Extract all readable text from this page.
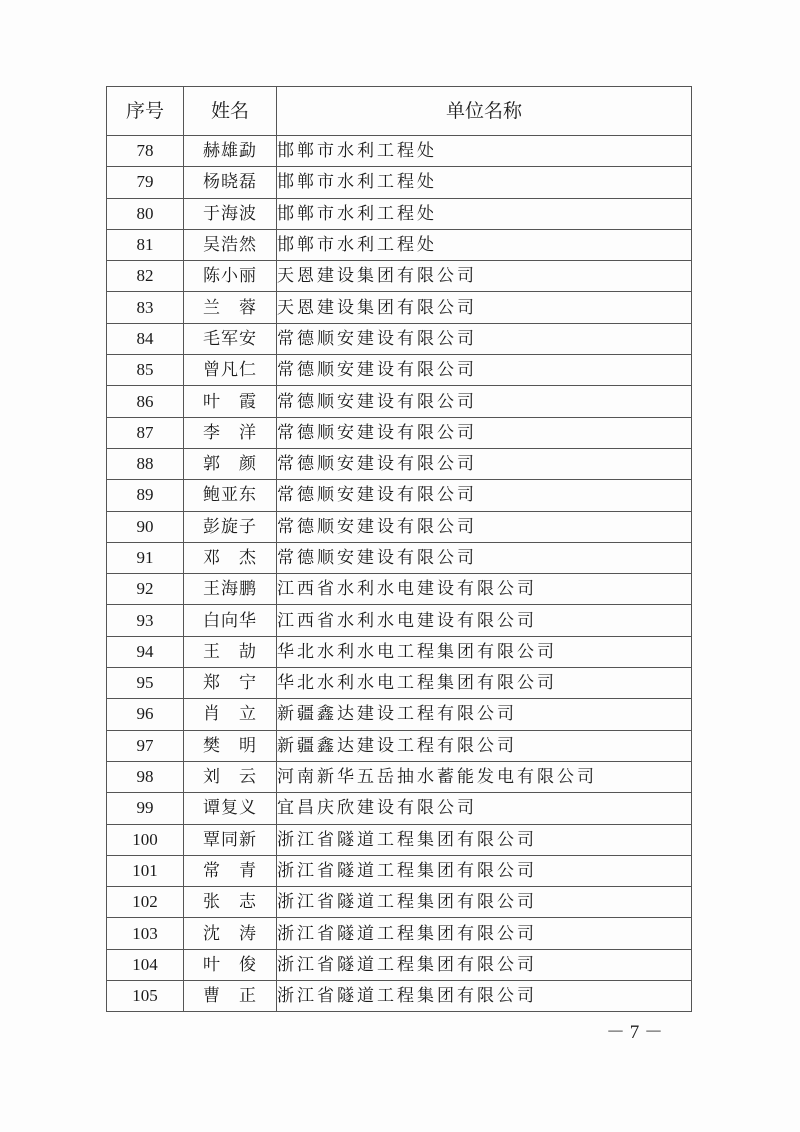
序号	姓名	单位名称
78	赫雄勐	邯郸市水利工程处
79	杨晓磊	邯郸市水利工程处
80	于海波	邯郸市水利工程处
81	吴浩然	邯郸市水利工程处
82	陈小丽	天恩建设集团有限公司
83	兰　蓉	天恩建设集团有限公司
84	毛军安	常德顺安建设有限公司
85	曾凡仁	常德顺安建设有限公司
86	叶　霞	常德顺安建设有限公司
87	李　洋	常德顺安建设有限公司
88	郭　颜	常德顺安建设有限公司
89	鲍亚东	常德顺安建设有限公司
90	彭旋子	常德顺安建设有限公司
91	邓　杰	常德顺安建设有限公司
92	王海鹏	江西省水利水电建设有限公司
93	白向华	江西省水利水电建设有限公司
94	王　劼	华北水利水电工程集团有限公司
95	郑　宁	华北水利水电工程集团有限公司
96	肖　立	新疆鑫达建设工程有限公司
97	樊　明	新疆鑫达建设工程有限公司
98	刘　云	河南新华五岳抽水蓄能发电有限公司
99	谭复义	宜昌庆欣建设有限公司
100	覃同新	浙江省隧道工程集团有限公司
101	常　青	浙江省隧道工程集团有限公司
102	张　志	浙江省隧道工程集团有限公司
103	沈　涛	浙江省隧道工程集团有限公司
104	叶　俊	浙江省隧道工程集团有限公司
105	曹　正	浙江省隧道工程集团有限公司
－ 7 －
